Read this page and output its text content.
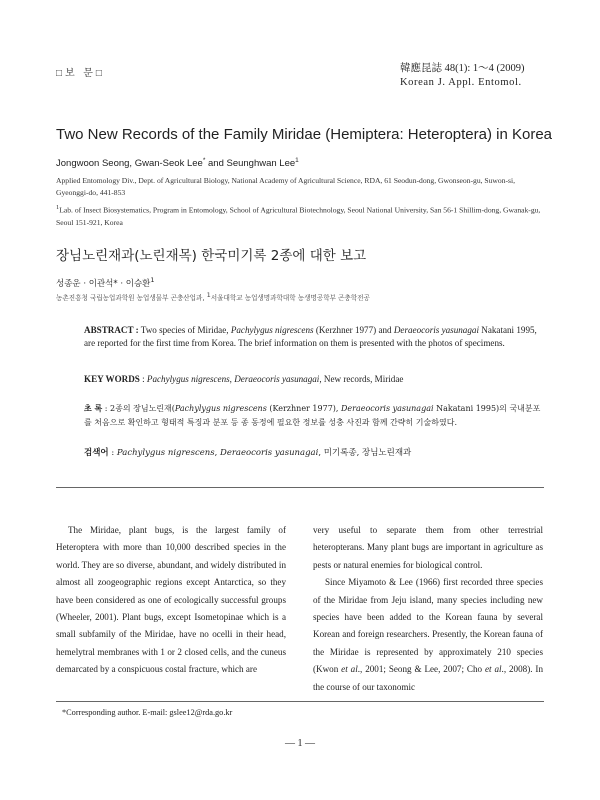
□보 문□	韓應昆誌 48(1): 1～4 (2009)
Korean J. Appl. Entomol.
Two New Records of the Family Miridae (Hemiptera: Heteroptera) in Korea
Jongwoon Seong, Gwan-Seok Lee* and Seunghwan Lee$^1$
Applied Entomology Div., Dept. of Agricultural Biology, National Academy of Agricultural Science, RDA, 61 Seodun-dong, Gwonseon-gu, Suwon-si, Gyeonggi-do, 441-853
$^1$Lab. of Insect Biosystematics, Program in Entomology, School of Agricultural Biotechnology, Seoul National University, San 56-1 Shillim-dong, Gwanak-gu, Seoul 151-921, Korea
장님노린재과(노린재목) 한국미기록 2종에 대한 보고
성종운 · 이관석* · 이승환$^1$
농촌진흥청 국립농업과학원 농업생물부 곤충산업과, $^1$서울대학교 농업생명과학대학 농생명공학부 곤충학전공
ABSTRACT : Two species of Miridae, Pachylygus nigrescens (Kerzhner 1977) and Deraeocoris yasunagai Nakatani 1995, are reported for the first time from Korea. The brief information on them is presented with the photos of specimens.
KEY WORDS : Pachylygus nigrescens, Deraeocoris yasunagai, New records, Miridae
초 록 : 2종의 장님노린재(Pachylygus nigrescens (Kerzhner 1977), Deraeocoris yasunagai Nakatani 1995)의 국내분포를 처음으로 확인하고 형태적 특징과 분포 등 종 동정에 필요한 정보를 성충 사진과 함께 간략히 기술하였다.
검색어 : Pachylygus nigrescens, Deraeocoris yasunagai, 미기록종, 장님노린재과
The Miridae, plant bugs, is the largest family of Heteroptera with more than 10,000 described species in the world. They are so diverse, abundant, and widely distributed in almost all zoogeographic regions except Antarctica, so they have been considered as one of ecologically successful groups (Wheeler, 2001). Plant bugs, except Isometopinae which is a small subfamily of the Miridae, have no ocelli in their head, hemelytral membranes with 1 or 2 closed cells, and the cuneus demarcated by a conspicuous costal fracture, which are
very useful to separate them from other terrestrial heteropterans. Many plant bugs are important in agriculture as pests or natural enemies for biological control.
Since Miyamoto & Lee (1966) first recorded three species of the Miridae from Jeju island, many species including new species have been added to the Korean fauna by several Korean and foreign researchers. Presently, the Korean fauna of the Miridae is represented by approximately 210 species (Kwon et al., 2001; Seong & Lee, 2007; Cho et al., 2008). In the course of our taxonomic
*Corresponding author. E-mail: gslee12@rda.go.kr
— 1 —
